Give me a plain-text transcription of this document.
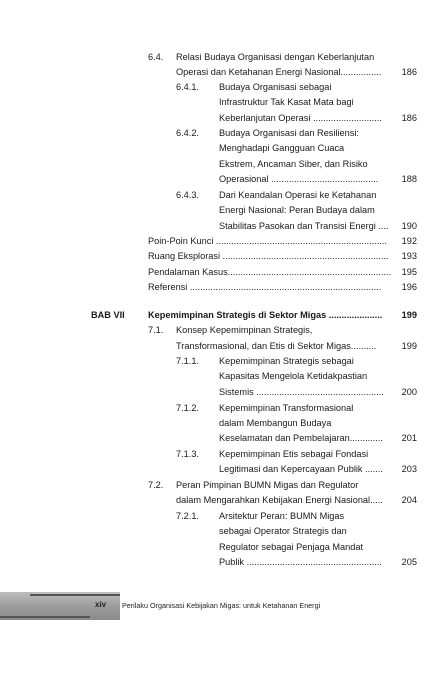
6.4. Relasi Budaya Organisasi dengan Keberlanjutan
Operasi dan Ketahanan Energi Nasional................ 186
6.4.1. Budaya Organisasi sebagai
Infrastruktur Tak Kasat Mata bagi
Keberlanjutan Operasi ........................... 186
6.4.2. Budaya Organisasi dan Resiliensi:
Menghadapi Gangguan Cuaca
Ekstrem, Ancaman Siber, dan Risiko
Operasional ..........................................	188
6.4.3. Dari Keandalan Operasi ke Ketahanan
Energi Nasional: Peran Budaya dalam
Stabilitas Pasokan dan Transisi Energi .... 190
Poin-Poin Kunci ................................................................... 192
Ruang Eksplorasi ................................................................. 193
Pendalaman Kasus................................................................ 195
Referensi ........................................................................... 196
BAB VII	Kepemimpinan Strategis di Sektor Migas ..................... 199
7.1. Konsep Kepemimpinan Strategis,
Transformasional, dan Etis di Sektor Migas..........	199
7.1.1. Kepemimpinan Strategis sebagai
Kapasitas Mengelola Ketidakpastian
Sistemis .................................................. 200
7.1.2. Kepemimpinan Transformasional
dalam Membangun Budaya
Keselamatan dan Pembelajaran............. 201
7.1.3. Kepemimpinan Etis sebagai Fondasi
Legitimasi dan Kepercayaan Publik ....... 203
7.2. Peran Pimpinan BUMN Migas dan Regulator
dalam Mengarahkan Kebijakan Energi Nasional..... 204
7.2.1. Arsitektur Peran: BUMN Migas
sebagai Operator Strategis dan
Regulator sebagai Penjaga Mandat
Publik ..................................................... 205
xiv Perilaku Organisasi Kebijakan Migas: untuk Ketahanan Energi
